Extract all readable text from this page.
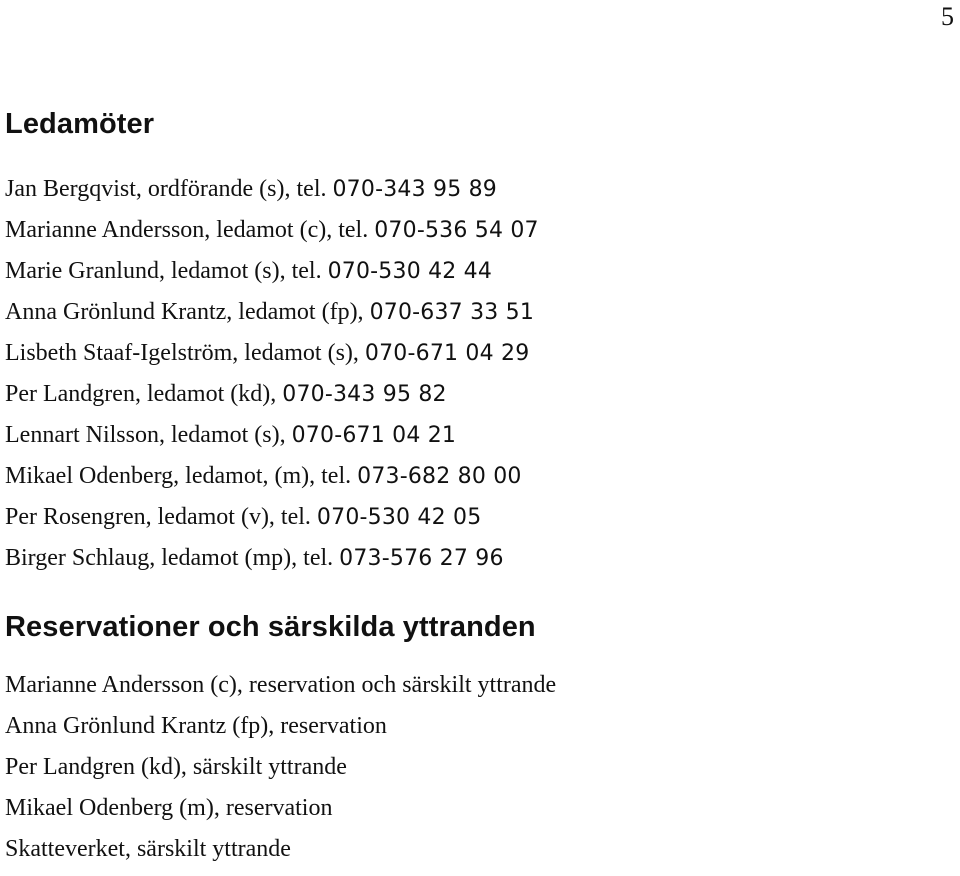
5
Ledamöter
Jan Bergqvist, ordförande (s), tel. 070-343 95 89
Marianne Andersson, ledamot (c), tel. 070-536 54 07
Marie Granlund, ledamot (s), tel. 070-530 42 44
Anna Grönlund Krantz, ledamot (fp), 070-637 33 51
Lisbeth Staaf-Igelström, ledamot (s), 070-671 04 29
Per Landgren, ledamot (kd), 070-343 95 82
Lennart Nilsson, ledamot (s), 070-671 04 21
Mikael Odenberg, ledamot, (m), tel. 073-682 80 00
Per Rosengren, ledamot (v), tel. 070-530 42 05
Birger Schlaug, ledamot (mp), tel. 073-576 27 96
Reservationer och särskilda yttranden
Marianne Andersson (c), reservation och särskilt yttrande
Anna Grönlund Krantz (fp), reservation
Per Landgren (kd), särskilt yttrande
Mikael Odenberg (m), reservation
Skatteverket, särskilt yttrande
